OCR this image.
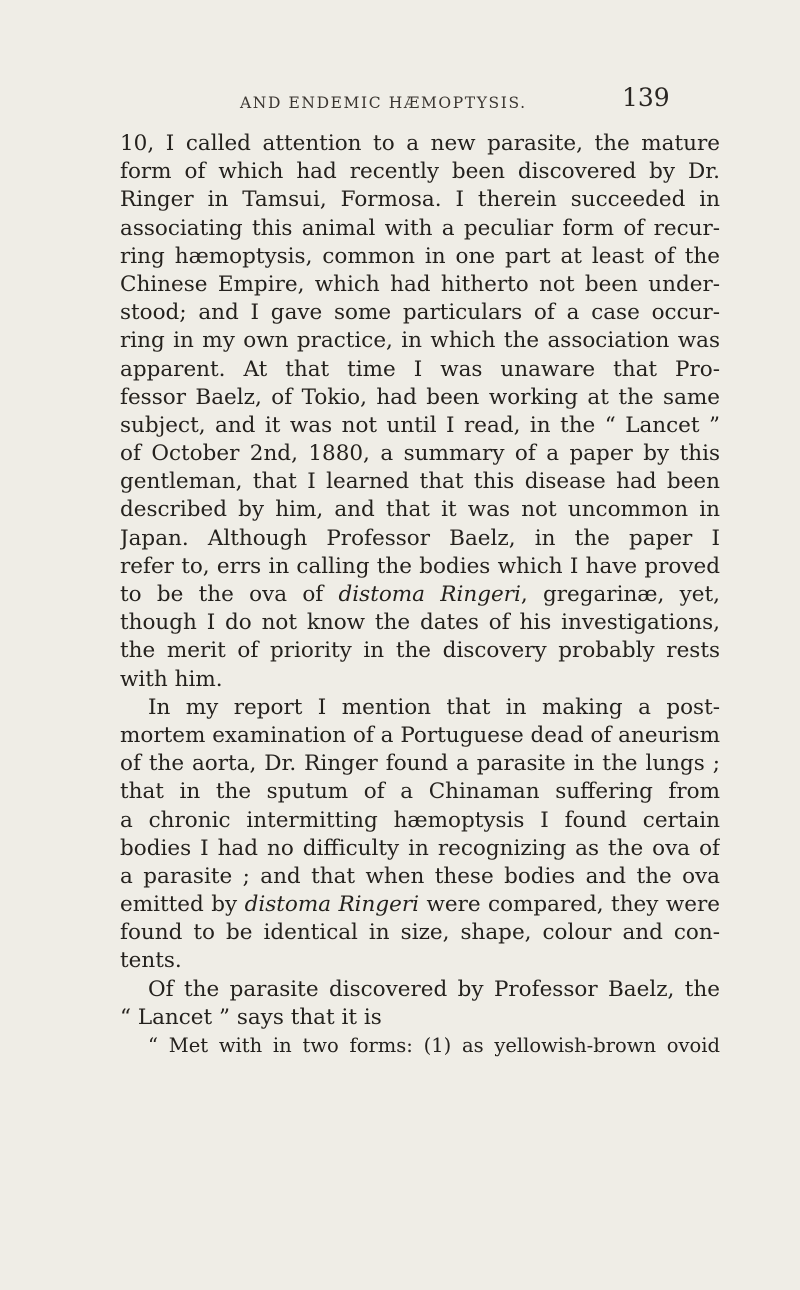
AND ENDEMIC HÆMOPTYSIS.	139
10, I called attention to a new parasite, the mature
form of which had recently been discovered by Dr.
Ringer in Tamsui, Formosa. I therein succeeded in
associating this animal with a peculiar form of recur-
ring hæmoptysis, common in one part at least of the
Chinese Empire, which had hitherto not been under-
stood; and I gave some particulars of a case occur-
ring in my own practice, in which the association was
apparent. At that time I was unaware that Pro-
fessor Baelz, of Tokio, had been working at the same
subject, and it was not until I read, in the “ Lancet ”
of October 2nd, 1880, a summary of a paper by this
gentleman, that I learned that this disease had been
described by him, and that it was not uncommon in
Japan. Although Professor Baelz, in the paper I
refer to, errs in calling the bodies which I have proved
to be the ova of distoma Ringeri, gregarinæ, yet,
though I do not know the dates of his investigations,
the merit of priority in the discovery probably rests
with him.
In my report I mention that in making a post-
mortem examination of a Portuguese dead of aneurism
of the aorta, Dr. Ringer found a parasite in the lungs ;
that in the sputum of a Chinaman suffering from
a chronic intermitting hæmoptysis I found certain
bodies I had no difficulty in recognizing as the ova of
a parasite ; and that when these bodies and the ova
emitted by distoma Ringeri were compared, they were
found to be identical in size, shape, colour and con-
tents.
Of the parasite discovered by Professor Baelz, the
“ Lancet ” says that it is
“ Met with in two forms: (1) as yellowish-brown ovoid
